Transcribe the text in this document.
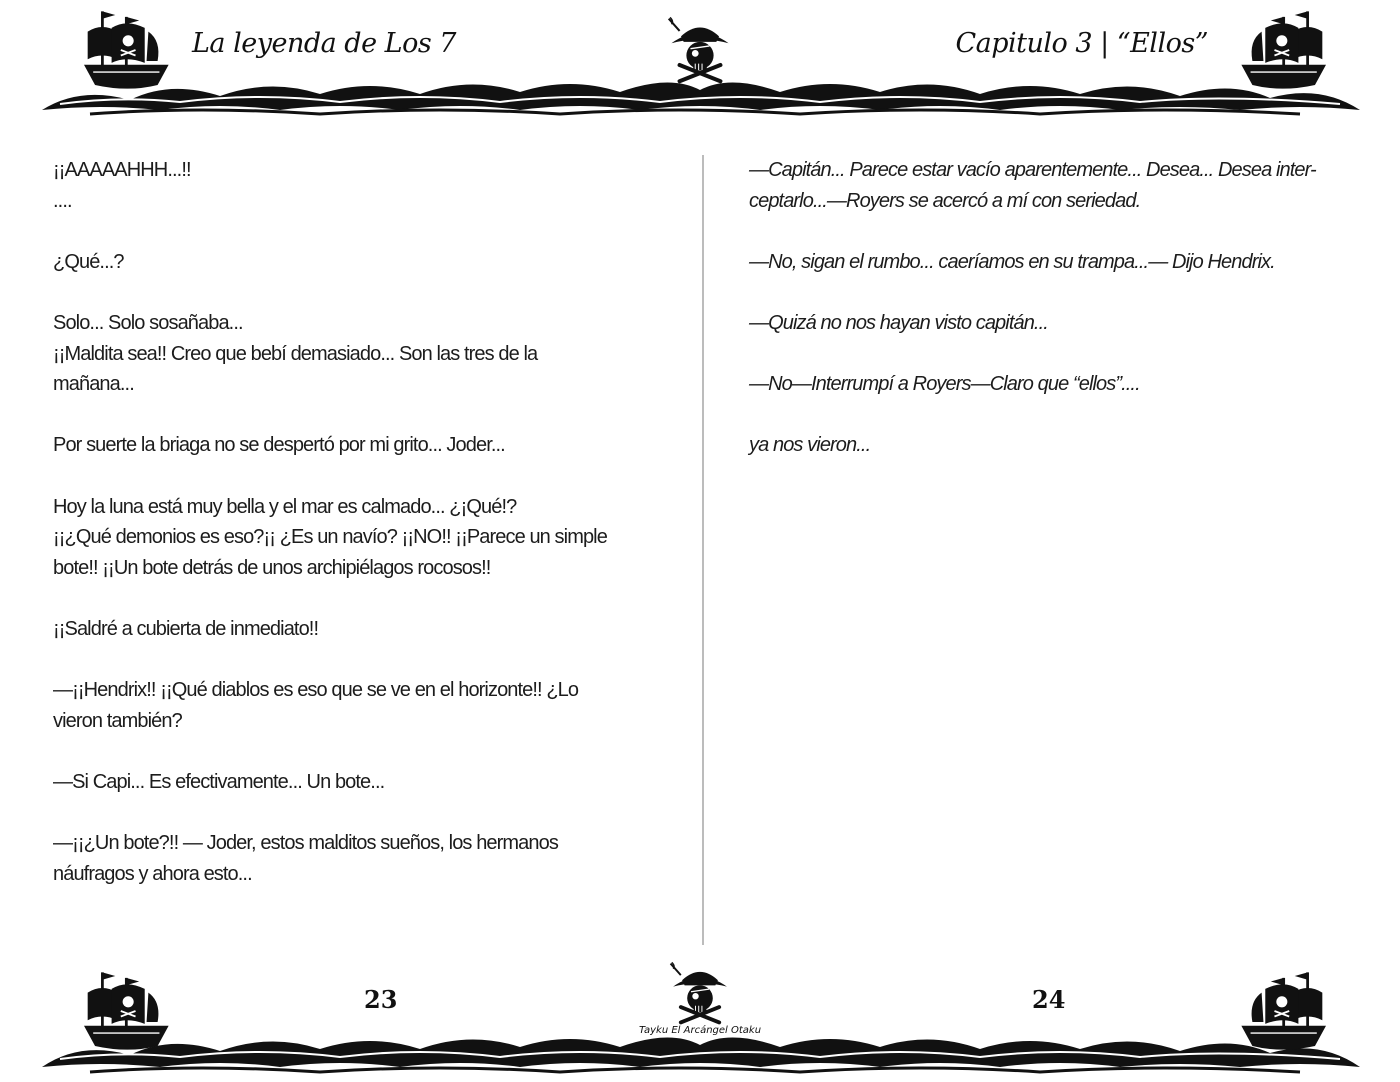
La leyenda de Los 7	Capitulo 3 | “Ellos”

¡¡AAAAAHHH...!!
....

¿Qué...?

Solo... Solo sosañaba...
¡¡Maldita sea!! Creo que bebí demasiado... Son las tres de la
mañana...

Por suerte la briaga no se despertó por mi grito... Joder...

Hoy la luna está muy bella y el mar es calmado... ¿¡Qué!?
¡¡¿Qué demonios es eso?¡¡ ¿Es un navío? ¡¡NO!! ¡¡Parece un simple
bote!! ¡¡Un bote detrás de unos archipiélagos rocosos!!

¡¡Saldré a cubierta de inmediato!!

—¡¡Hendrix!! ¡¡Qué diablos es eso que se ve en el horizonte!! ¿Lo
vieron también?

—Si Capi... Es efectivamente... Un bote...

—¡¡¿Un bote?!! — Joder, estos malditos sueños, los hermanos
náufragos y ahora esto...

—Capitán... Parece estar vacío aparentemente... Desea... Desea inter-
ceptarlo...—Royers se acercó a mí con seriedad.

—No, sigan el rumbo... caeríamos en su trampa...— Dijo Hendrix.

—Quizá no nos hayan visto capitán...

—No—Interrumpí a Royers—Claro que “ellos”....

ya nos vieron...

23	24
Tayku El Arcángel Otaku
